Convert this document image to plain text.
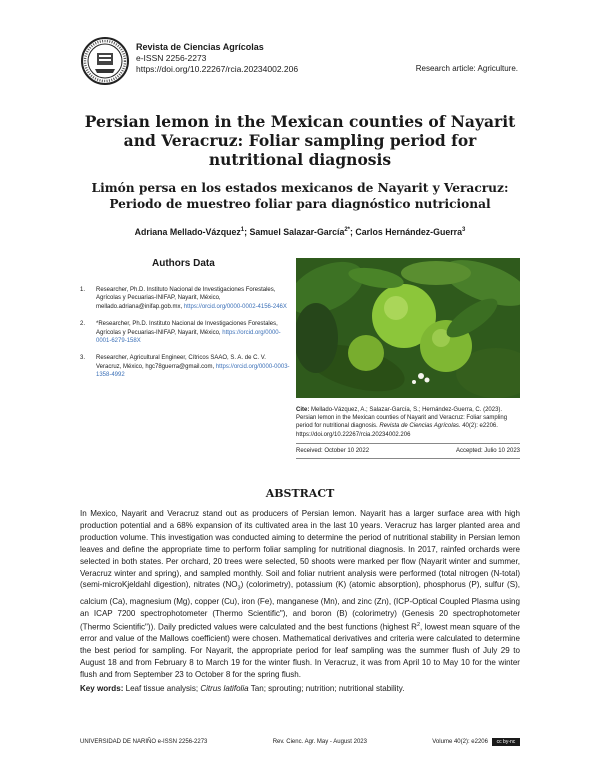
Revista de Ciencias Agrícolas
e-ISSN 2256-2273
https://doi.org/10.22267/rcia.20234002.206	Research article: Agriculture.
Persian lemon in the Mexican counties of Nayarit and Veracruz: Foliar sampling period for nutritional diagnosis
Limón persa en los estados mexicanos de Nayarit y Veracruz: Periodo de muestreo foliar para diagnóstico nutricional
Adriana Mellado-Vázquez$^1$; Samuel Salazar-García$^{2*}$; Carlos Hernández-Guerra$^3$
Authors Data
1.	Researcher, Ph.D. Instituto Nacional de Investigaciones Forestales, Agrícolas y Pecuarias-INIFAP, Nayarit, México, mellado.adriana@inifap.gob.mx, https://orcid.org/0000-0002-4156-246X
2.	*Researcher, Ph.D. Instituto Nacional de Investigaciones Forestales, Agrícolas y Pecuarias-INIFAP, Nayarit, México, https://orcid.org/0000-0001-6279-158X
3.	Researcher, Agricultural Engineer, Cítricos SAAO, S. A. de C. V. Veracruz, México, hgc78guerra@gmail.com, https://orcid.org/0000-0003-1358-4992
Cite: Mellado-Vázquez, A.; Salazar-García, S.; Hernández-Guerra, C. (2023). Persian lemon in the Mexican counties of Nayarit and Veracruz: Foliar sampling period for nutritional diagnosis. Revista de Ciencias Agrícolas. 40(2): e2206. https://doi.org/10.22267/rcia.20234002.206
Received: October 10 2022	Accepted: Julio 10 2023
ABSTRACT

In Mexico, Nayarit and Veracruz stand out as producers of Persian lemon. Nayarit has a larger surface area with high production potential and a 68% expansion of its cultivated area in the last 10 years. Veracruz has larger planted area and production volume. This investigation was conducted aiming to determine the period of nutritional stability in Persian lemon leaves and define the appropriate time to perform foliar sampling for nutritional diagnosis. In 2017, rainfed orchards were selected in both states. Per orchard, 20 trees were selected, 50 shoots were marked per flow (Nayarit winter and summer, Veracruz winter and spring), and sampled monthly. Soil and foliar nutrient analysis were performed (total nitrogen (N-total) (semi-microKjeldahl digestion), nitrates $(NO_3)$ (colorimetry), potassium (K) (atomic absorption), phosphorus (P), sulfur (S), calcium (Ca), magnesium (Mg), copper (Cu), iron (Fe), manganese (Mn), and zinc (Zn), (ICP-Optical Coupled Plasma using an ICAP 7200 spectrophotometer (Thermo Scientific"), and boron (B) (colorimetry) (Genesis 20 spectrophotometer (Thermo Scientific")). Daily predicted values were calculated and the best functions (highest $R^2$, lowest mean square of the error and value of the Mallows coefficient) were chosen. Mathematical derivatives and criteria were calculated to determine the best period for sampling. For Nayarit, the appropriate period for leaf sampling was the summer flush of July 29 to August 18 and from February 8 to March 19 for the winter flush. In Veracruz, it was from April 10 to May 10 for the winter flush and from September 23 to October 8 for the spring flush.

Key words: Leaf tissue analysis; Citrus latifolia Tan; sprouting; nutrition; nutritional stability.

UNIVERSIDAD DE NARIÑO e-ISSN 2256-2273	Rev. Cienc. Agr. May - August 2023	Volume 40(2): e2206 cc by-nc
